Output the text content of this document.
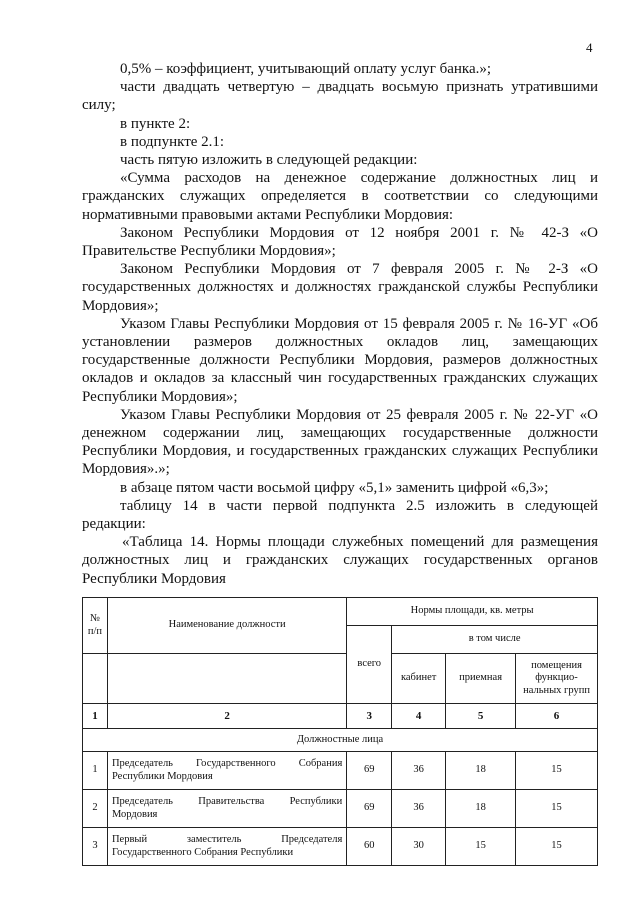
4

0,5% – коэффициент, учитывающий оплату услуг банка.»;

части двадцать четвертую – двадцать восьмую признать утратившими силу;

в пункте 2:

в подпункте 2.1:

часть пятую изложить в следующей редакции:

«Сумма расходов на денежное содержание должностных лиц и гражданских служащих определяется в соответствии со следующими нормативными правовыми актами Республики Мордовия:

Законом Республики Мордовия от 12 ноября 2001 г. № 42-З «О Правительстве Республики Мордовия»;

Законом Республики Мордовия от 7 февраля 2005 г. № 2-З «О государственных должностях и должностях гражданской службы Республики Мордовия»;

Указом Главы Республики Мордовия от 15 февраля 2005 г. № 16-УГ «Об установлении размеров должностных окладов лиц, замещающих государственные должности Республики Мордовия, размеров должностных окладов и окладов за классный чин государственных гражданских служащих Республики Мордовия»;

Указом Главы Республики Мордовия от 25 февраля 2005 г. № 22-УГ «О денежном содержании лиц, замещающих государственные должности Республики Мордовия, и государственных гражданских служащих Республики Мордовия».»;

в абзаце пятом части восьмой цифру «5,1» заменить цифрой «6,3»;

таблицу 14 в части первой подпункта 2.5 изложить в следующей редакции:

«Таблица 14. Нормы площади служебных помещений для размещения должностных лиц и гражданских служащих государственных органов Республики Мордовия

№ п/п	Наименование должности	Нормы площади, кв. метры			
		всего	в том числе		
			кабинет	приемная	помещения функцио-нальных групп
1	2	3	4	5	6
Должностные лица					
1	Председатель Государственного Собрания Республики Мордовия	69	36	18	15
2	Председатель Правительства Республики Мордовия	69	36	18	15
3	Первый заместитель Председателя Государственного Собрания Республики	60	30	15	15
